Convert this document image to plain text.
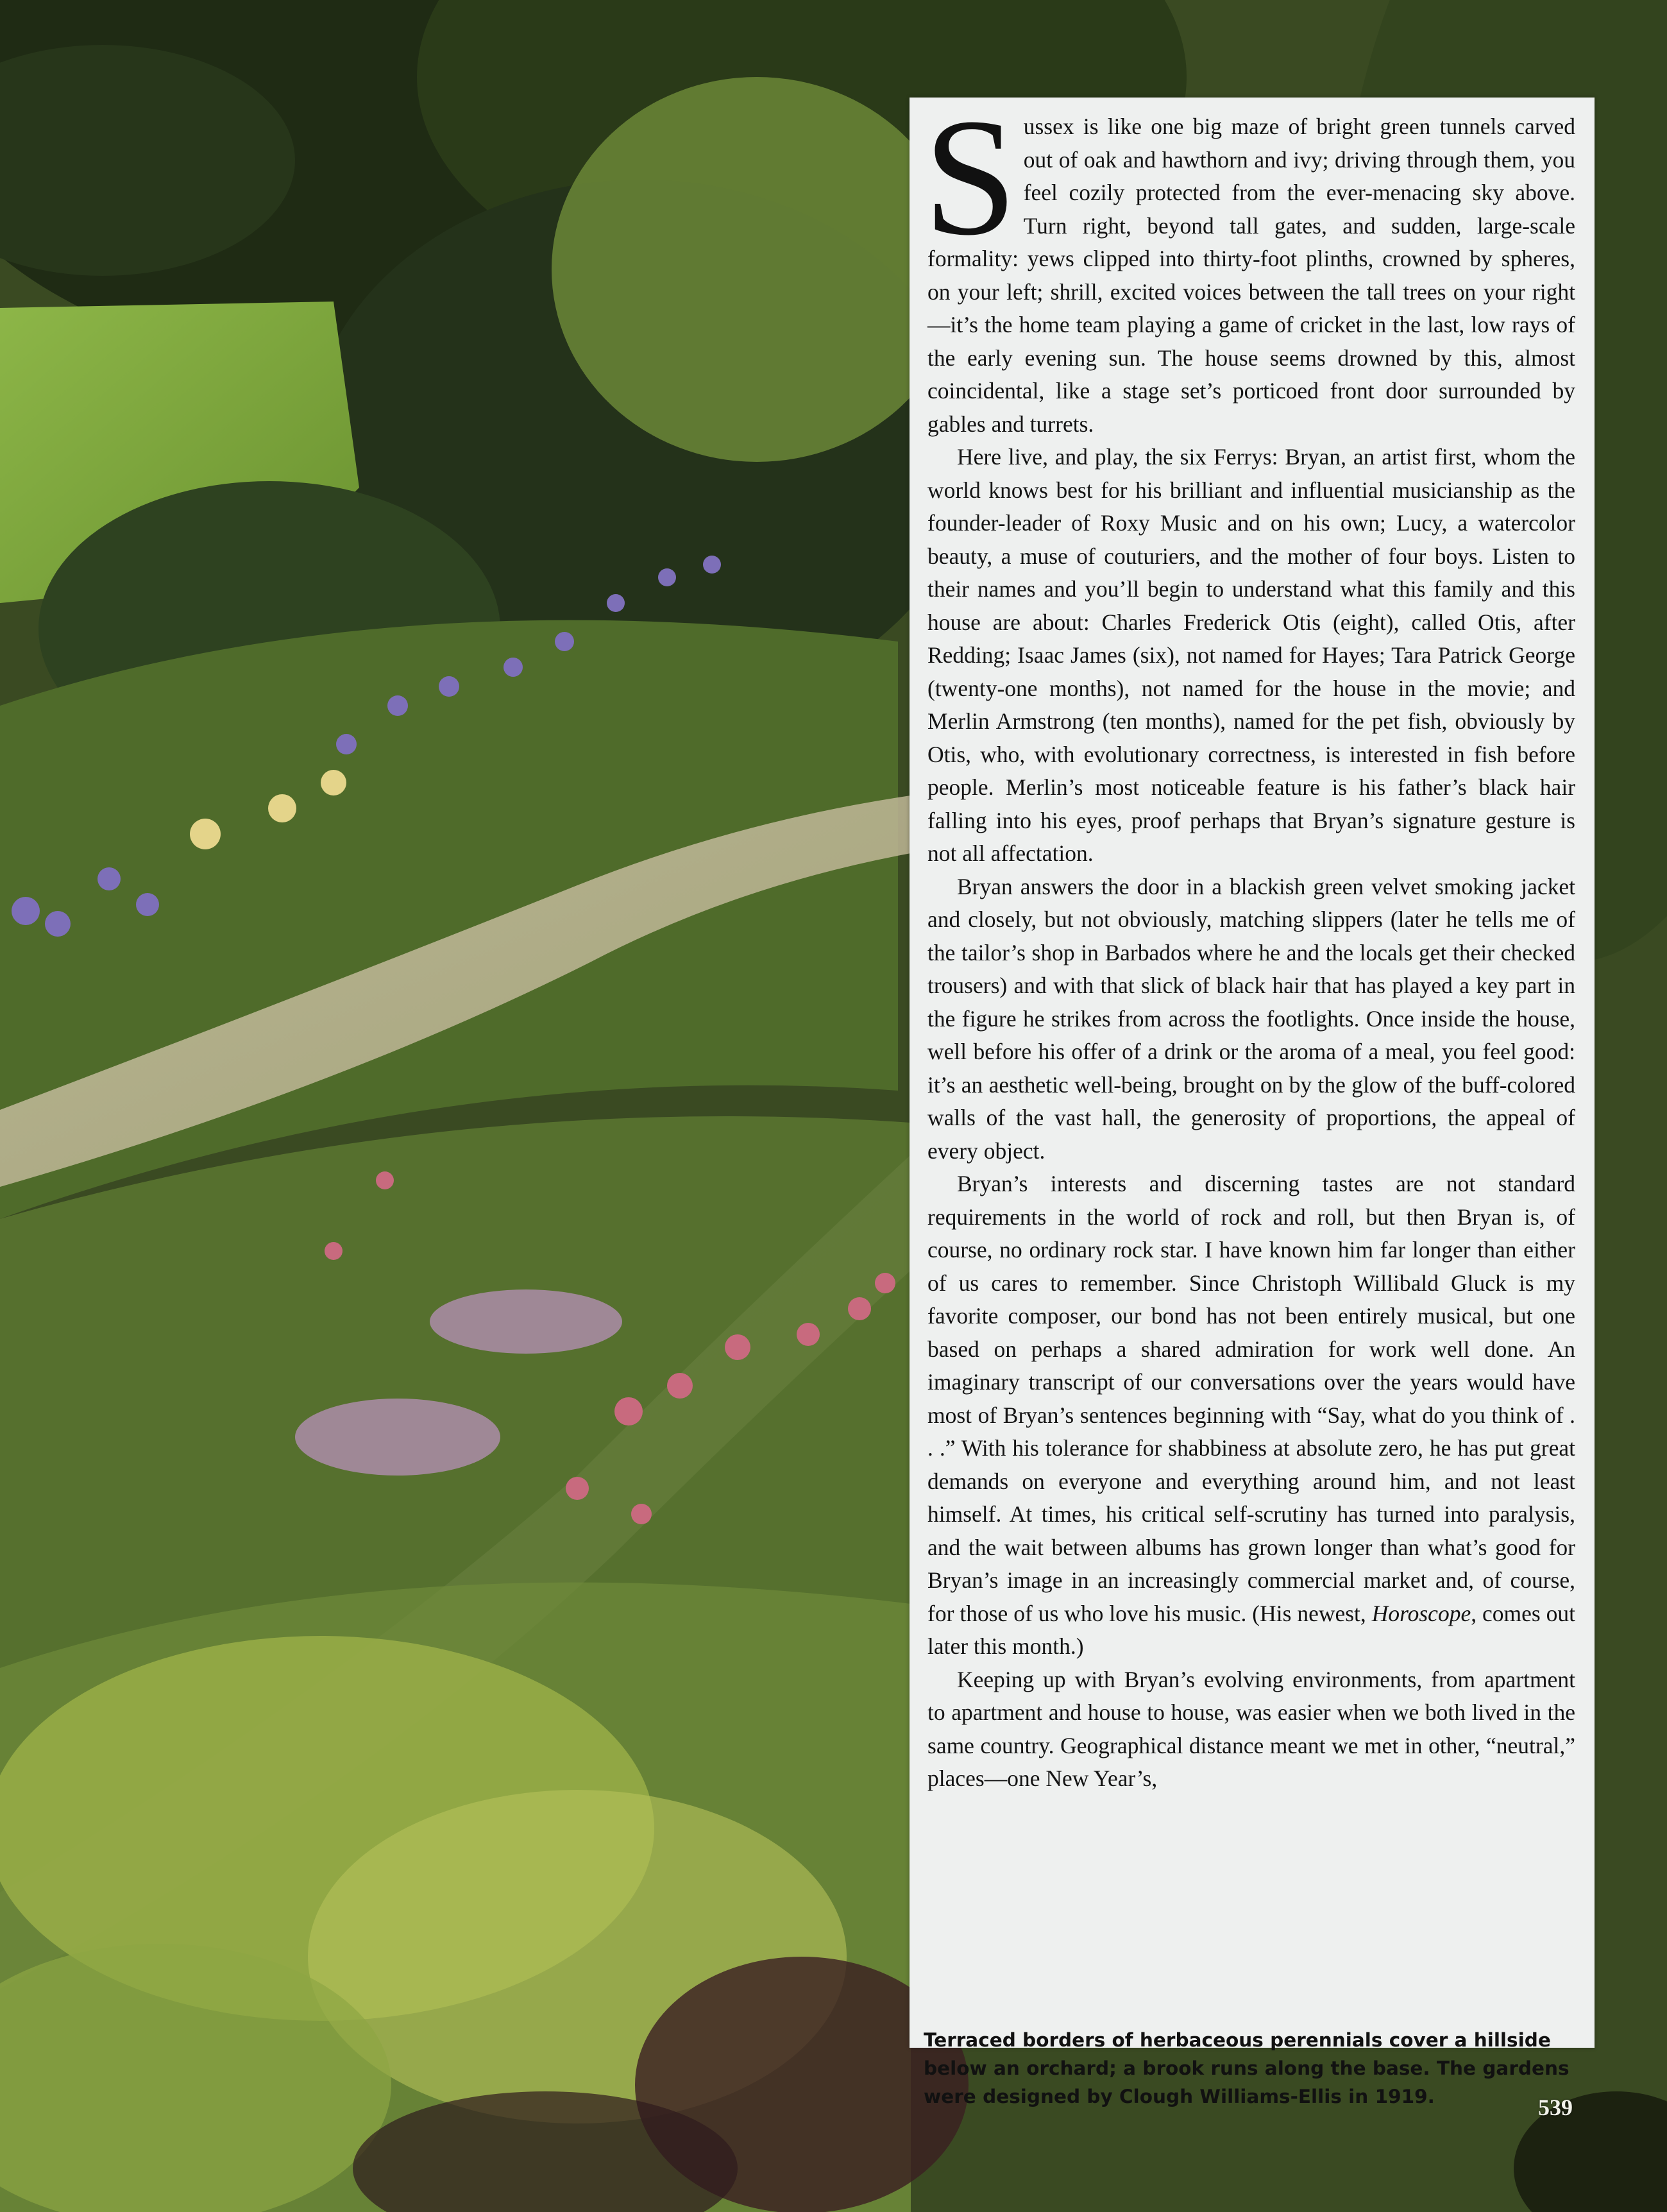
Sussex is like one big maze of bright green tunnels carved out of oak and hawthorn and ivy; driving through them, you feel cozily protected from the ever-menacing sky above. Turn right, beyond tall gates, and sudden, large-scale formality: yews clipped into thirty-foot plinths, crowned by spheres, on your left; shrill, excited voices between the tall trees on your right—it’s the home team playing a game of cricket in the last, low rays of the early evening sun. The house seems drowned by this, almost coincidental, like a stage set’s porticoed front door surrounded by gables and turrets.

Here live, and play, the six Ferrys: Bryan, an artist first, whom the world knows best for his brilliant and influential musicianship as the founder-leader of Roxy Music and on his own; Lucy, a watercolor beauty, a muse of couturiers, and the mother of four boys. Listen to their names and you’ll begin to understand what this family and this house are about: Charles Frederick Otis (eight), called Otis, after Redding; Isaac James (six), not named for Hayes; Tara Patrick George (twenty-one months), not named for the house in the movie; and Merlin Armstrong (ten months), named for the pet fish, obviously by Otis, who, with evolutionary correctness, is interested in fish before people. Merlin’s most noticeable feature is his father’s black hair falling into his eyes, proof perhaps that Bryan’s signature gesture is not all affectation.

Bryan answers the door in a blackish green velvet smoking jacket and closely, but not obviously, matching slippers (later he tells me of the tailor’s shop in Barbados where he and the locals get their checked trousers) and with that slick of black hair that has played a key part in the figure he strikes from across the footlights. Once inside the house, well before his offer of a drink or the aroma of a meal, you feel good: it’s an aesthetic well-being, brought on by the glow of the buff-colored walls of the vast hall, the generosity of proportions, the appeal of every object.

Bryan’s interests and discerning tastes are not standard requirements in the world of rock and roll, but then Bryan is, of course, no ordinary rock star. I have known him far longer than either of us cares to remember. Since Christoph Willibald Gluck is my favorite composer, our bond has not been entirely musical, but one based on perhaps a shared admiration for work well done. An imaginary transcript of our conversations over the years would have most of Bryan’s sentences beginning with “Say, what do you think of . . .” With his tolerance for shabbiness at absolute zero, he has put great demands on everyone and everything around him, and not least himself. At times, his critical self-scrutiny has turned into paralysis, and the wait between albums has grown longer than what’s good for Bryan’s image in an increasingly commercial market and, of course, for those of us who love his music. (His newest, Horoscope, comes out later this month.)

Keeping up with Bryan’s evolving environments, from apartment to apartment and house to house, was easier when we both lived in the same country. Geographical distance meant we met in other, “neutral,” places—one New Year’s,

Terraced borders of herbaceous perennials cover a hillside below an orchard; a brook runs along the base. The gardens were designed by Clough Williams-Ellis in 1919.	539
